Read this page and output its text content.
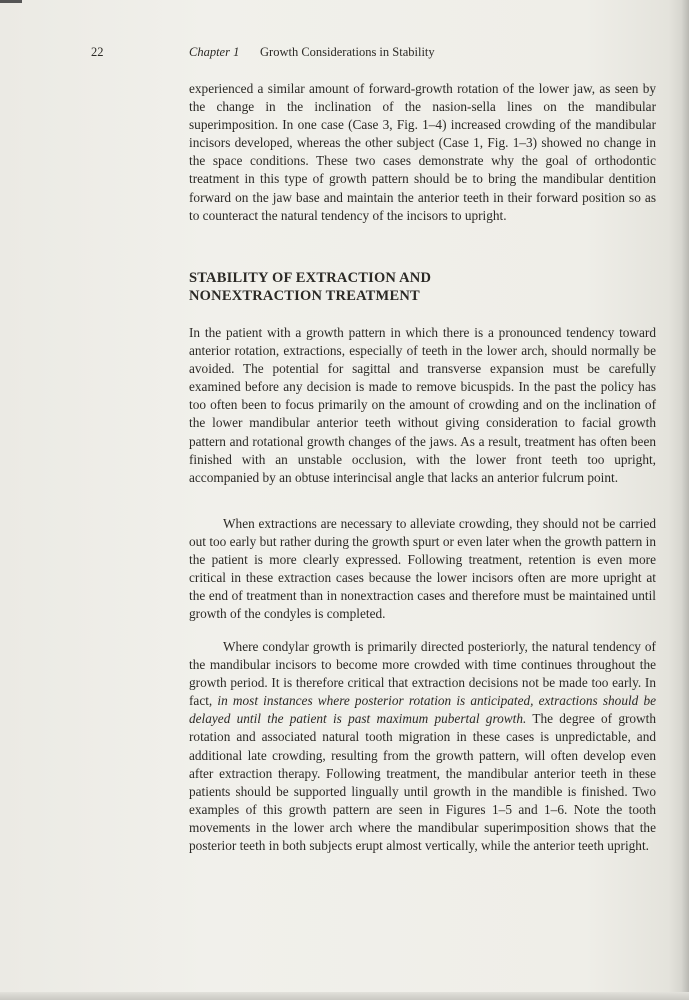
22	Chapter 1 Growth Considerations in Stability

experienced a similar amount of forward-growth rotation of the lower jaw, as seen by the change in the inclination of the nasion-sella lines on the mandibular superimposition. In one case (Case 3, Fig. 1–4) increased crowding of the mandibular incisors developed, whereas the other subject (Case 1, Fig. 1–3) showed no change in the space conditions. These two cases demonstrate why the goal of orthodontic treatment in this type of growth pattern should be to bring the mandibular dentition forward on the jaw base and maintain the anterior teeth in their forward position so as to counteract the natural tendency of the incisors to upright.

STABILITY OF EXTRACTION AND
NONEXTRACTION TREATMENT

In the patient with a growth pattern in which there is a pronounced tendency toward anterior rotation, extractions, especially of teeth in the lower arch, should normally be avoided. The potential for sagittal and transverse expansion must be carefully examined before any decision is made to remove bicuspids. In the past the policy has too often been to focus primarily on the amount of crowding and on the inclination of the lower mandibular anterior teeth without giving consideration to facial growth pattern and rotational growth changes of the jaws. As a result, treatment has often been finished with an unstable occlusion, with the lower front teeth too upright, accompanied by an obtuse interincisal angle that lacks an anterior fulcrum point.

When extractions are necessary to alleviate crowding, they should not be carried out too early but rather during the growth spurt or even later when the growth pattern in the patient is more clearly expressed. Following treatment, retention is even more critical in these extraction cases because the lower incisors often are more upright at the end of treatment than in nonextraction cases and therefore must be maintained until growth of the condyles is completed.

Where condylar growth is primarily directed posteriorly, the natural tendency of the mandibular incisors to become more crowded with time continues throughout the growth period. It is therefore critical that extraction decisions not be made too early. In fact, in most instances where posterior rotation is anticipated, extractions should be delayed until the patient is past maximum pubertal growth. The degree of growth rotation and associated natural tooth migration in these cases is unpredictable, and additional late crowding, resulting from the growth pattern, will often develop even after extraction therapy. Following treatment, the mandibular anterior teeth in these patients should be supported lingually until growth in the mandible is finished. Two examples of this growth pattern are seen in Figures 1–5 and 1–6. Note the tooth movements in the lower arch where the mandibular superimposition shows that the posterior teeth in both subjects erupt almost vertically, while the anterior teeth upright.
